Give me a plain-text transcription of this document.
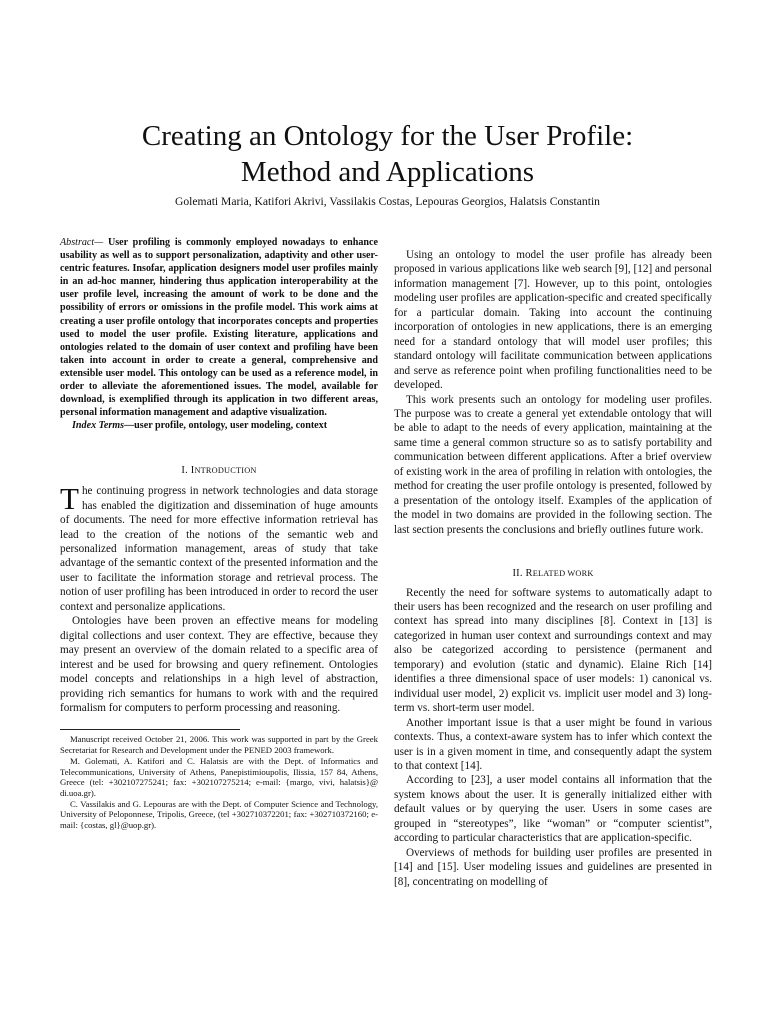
Creating an Ontology for the User Profile:
Method and Applications
Golemati Maria, Katifori Akrivi, Vassilakis Costas, Lepouras Georgios, Halatsis Constantin

Abstract— User profiling is commonly employed nowadays to enhance usability as well as to support personalization, adaptivity and other user-centric features. Insofar, application designers model user profiles mainly in an ad-hoc manner, hindering thus application interoperability at the user profile level, increasing the amount of work to be done and the possibility of errors or omissions in the profile model. This work aims at creating a user profile ontology that incorporates concepts and properties used to model the user profile. Existing literature, applications and ontologies related to the domain of user context and profiling have been taken into account in order to create a general, comprehensive and extensible user model. This ontology can be used as a reference model, in order to alleviate the aforementioned issues. The model, available for download, is exemplified through its application in two different areas, personal information management and adaptive visualization.

Index Terms—user profile, ontology, user modeling, context

I. INTRODUCTION

The continuing progress in network technologies and data storage has enabled the digitization and dissemination of huge amounts of documents. The need for more effective information retrieval has lead to the creation of the notions of the semantic web and personalized information management, areas of study that take advantage of the semantic context of the presented information and the user to facilitate the information storage and retrieval process. The notion of user profiling has been introduced in order to record the user context and personalize applications.

Ontologies have been proven an effective means for modeling digital collections and user context. They are effective, because they may present an overview of the domain related to a specific area of interest and be used for browsing and query refinement. Ontologies model concepts and relationships in a high level of abstraction, providing rich semantics for humans to work with and the required formalism for computers to perform processing and reasoning.

Manuscript received October 21, 2006. This work was supported in part by the Greek Secretariat for Research and Development under the PENED 2003 framework.

M. Golemati, A. Katifori and C. Halatsis are with the Dept. of Informatics and Telecommunications, University of Athens, Panepistimioupolis, Ilissia, 157 84, Athens, Greece (tel: +302107275241; fax: +302107275214; e-mail: {margo, vivi, halatsis}@ di.uoa.gr).

C. Vassilakis and G. Lepouras are with the Dept. of Computer Science and Technology, University of Peloponnese, Tripolis, Greece, (tel +302710372201; fax: +302710372160; e-mail: {costas, gl}@uop.gr).

Using an ontology to model the user profile has already been proposed in various applications like web search [9], [12] and personal information management [7]. However, up to this point, ontologies modeling user profiles are application-specific and created specifically for a particular domain. Taking into account the continuing incorporation of ontologies in new applications, there is an emerging need for a standard ontology that will model user profiles; this standard ontology will facilitate communication between applications and serve as reference point when profiling functionalities need to be developed.

This work presents such an ontology for modeling user profiles. The purpose was to create a general yet extendable ontology that will be able to adapt to the needs of every application, maintaining at the same time a general common structure so as to satisfy portability and communication between different applications. After a brief overview of existing work in the area of profiling in relation with ontologies, the method for creating the user profile ontology is presented, followed by a presentation of the ontology itself. Examples of the application of the model in two domains are provided in the following section. The last section presents the conclusions and briefly outlines future work.

II. RELATED WORK

Recently the need for software systems to automatically adapt to their users has been recognized and the research on user profiling and context has spread into many disciplines [8]. Context in [13] is categorized in human user context and surroundings context and may also be categorized according to persistence (permanent and temporary) and evolution (static and dynamic). Elaine Rich [14] identifies a three dimensional space of user models: 1) canonical vs. individual user model, 2) explicit vs. implicit user model and 3) long-term vs. short-term user model.

Another important issue is that a user might be found in various contexts. Thus, a context-aware system has to infer which context the user is in a given moment in time, and consequently adapt the system to that context [14].

According to [23], a user model contains all information that the system knows about the user. It is generally initialized either with default values or by querying the user. Users in some cases are grouped in “stereotypes”, like “woman” or “computer scientist”, according to particular characteristics that are application-specific.

Overviews of methods for building user profiles are presented in [14] and [15]. User modeling issues and guidelines are presented in [8], concentrating on modelling of
